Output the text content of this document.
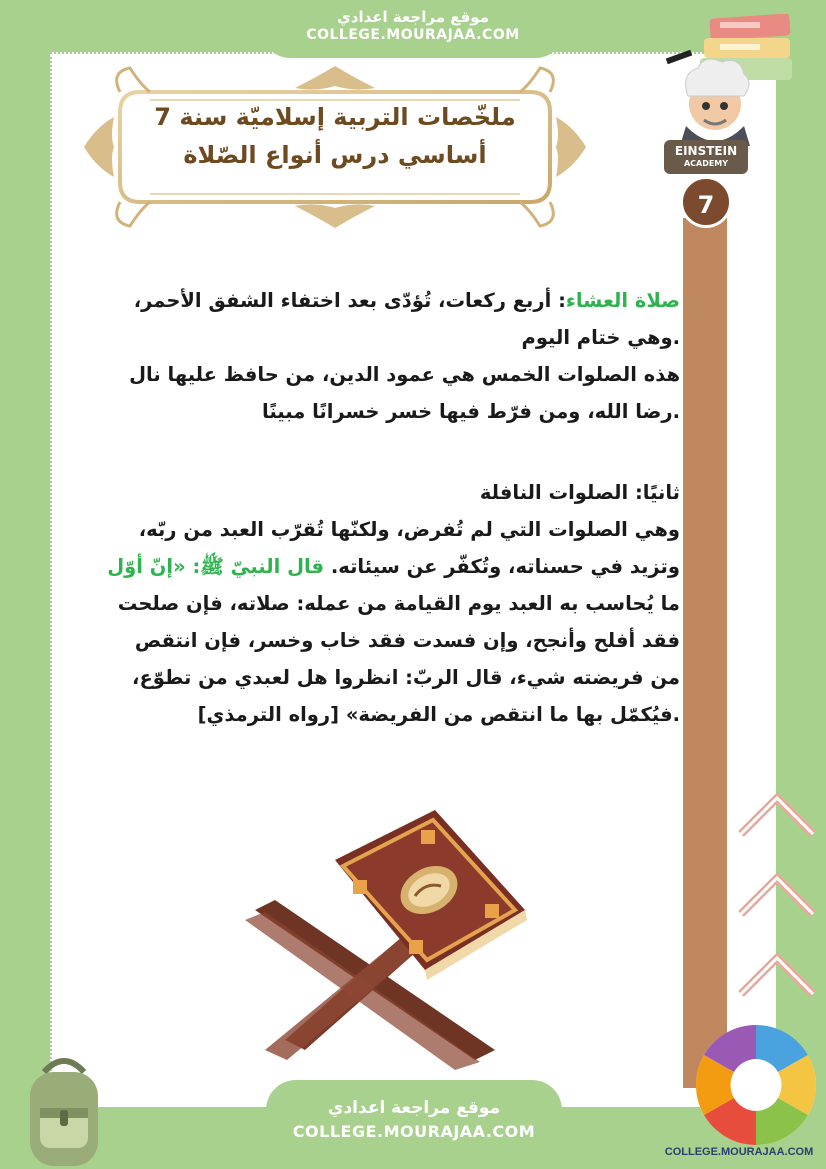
موقع مراجعة اعدادي
COLLEGE.MOURAJAA.COM
ملخّصات التربية إسلاميّة سنة 7
أساسي درس أنواع الصّلاة	EINSTEIN
ACADEMY
7

صلاة العشاء: أربع ركعات، تُؤدّى بعد اختفاء الشفق الأحمر،

.وهي ختام اليوم

هذه الصلوات الخمس هي عمود الدين، من حافظ عليها نال

.رضا الله، ومن فرّط فيها خسر خسرانًا مبينًا

ثانيًا: الصلوات النافلة

وهي الصلوات التي لم تُفرض، ولكنّها تُقرّب العبد من ربّه،

وتزيد في حسناته، وتُكفّر عن سيئاته. قال النبيّ ﷺ: «إنّ أوّل

ما يُحاسب به العبد يوم القيامة من عمله: صلاته، فإن صلحت

فقد أفلح وأنجح، وإن فسدت فقد خاب وخسر، فإن انتقص

من فريضته شيء، قال الربّ: انظروا هل لعبدي من تطوّع،

.فيُكمّل بها ما انتقص من الفريضة» [رواه الترمذي]

موقع مراجعة اعدادي
COLLEGE.MOURAJAA.COM
COLLEGE.MOURAJAA.COM
